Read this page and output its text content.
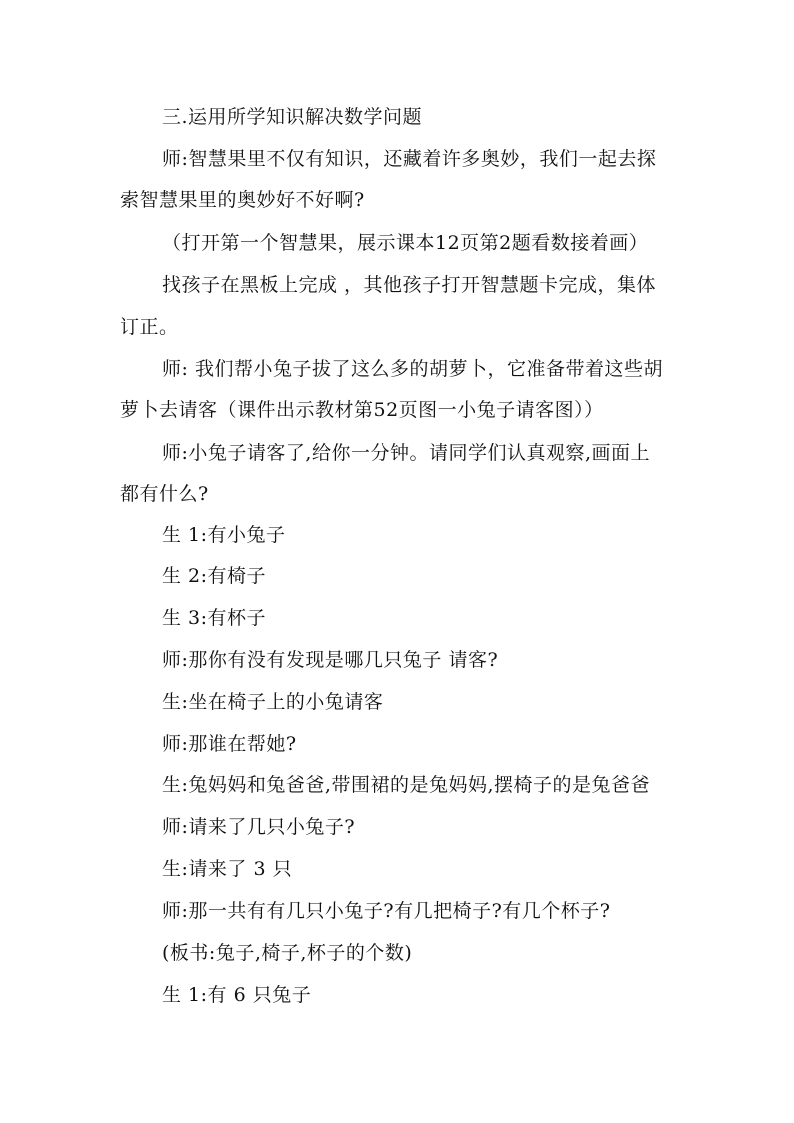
三.运用所学知识解决数学问题
师:智慧果里不仅有知识，还藏着许多奥妙，我们一起去探
索智慧果里的奥妙好不好啊?
（打开第一个智慧果，展示课本12页第2题看数接着画）
找孩子在黑板上完成 ，其他孩子打开智慧题卡完成，集体
订正。
师: 我们帮小兔子拔了这么多的胡萝卜，它准备带着这些胡
萝卜去请客（课件出示教材第52页图一小兔子请客图））
师:小兔子请客了,给你一分钟。请同学们认真观察,画面上
都有什么?
生 1:有小兔子
生 2:有椅子
生 3:有杯子
师:那你有没有发现是哪几只兔子 请客?
生:坐在椅子上的小兔请客
师:那谁在帮她?
生:兔妈妈和兔爸爸,带围裙的是兔妈妈,摆椅子的是兔爸爸
师:请来了几只小兔子?
生:请来了 3 只
师:那一共有有几只小兔子?有几把椅子?有几个杯子?
(板书:兔子,椅子,杯子的个数)
生 1:有 6 只兔子
